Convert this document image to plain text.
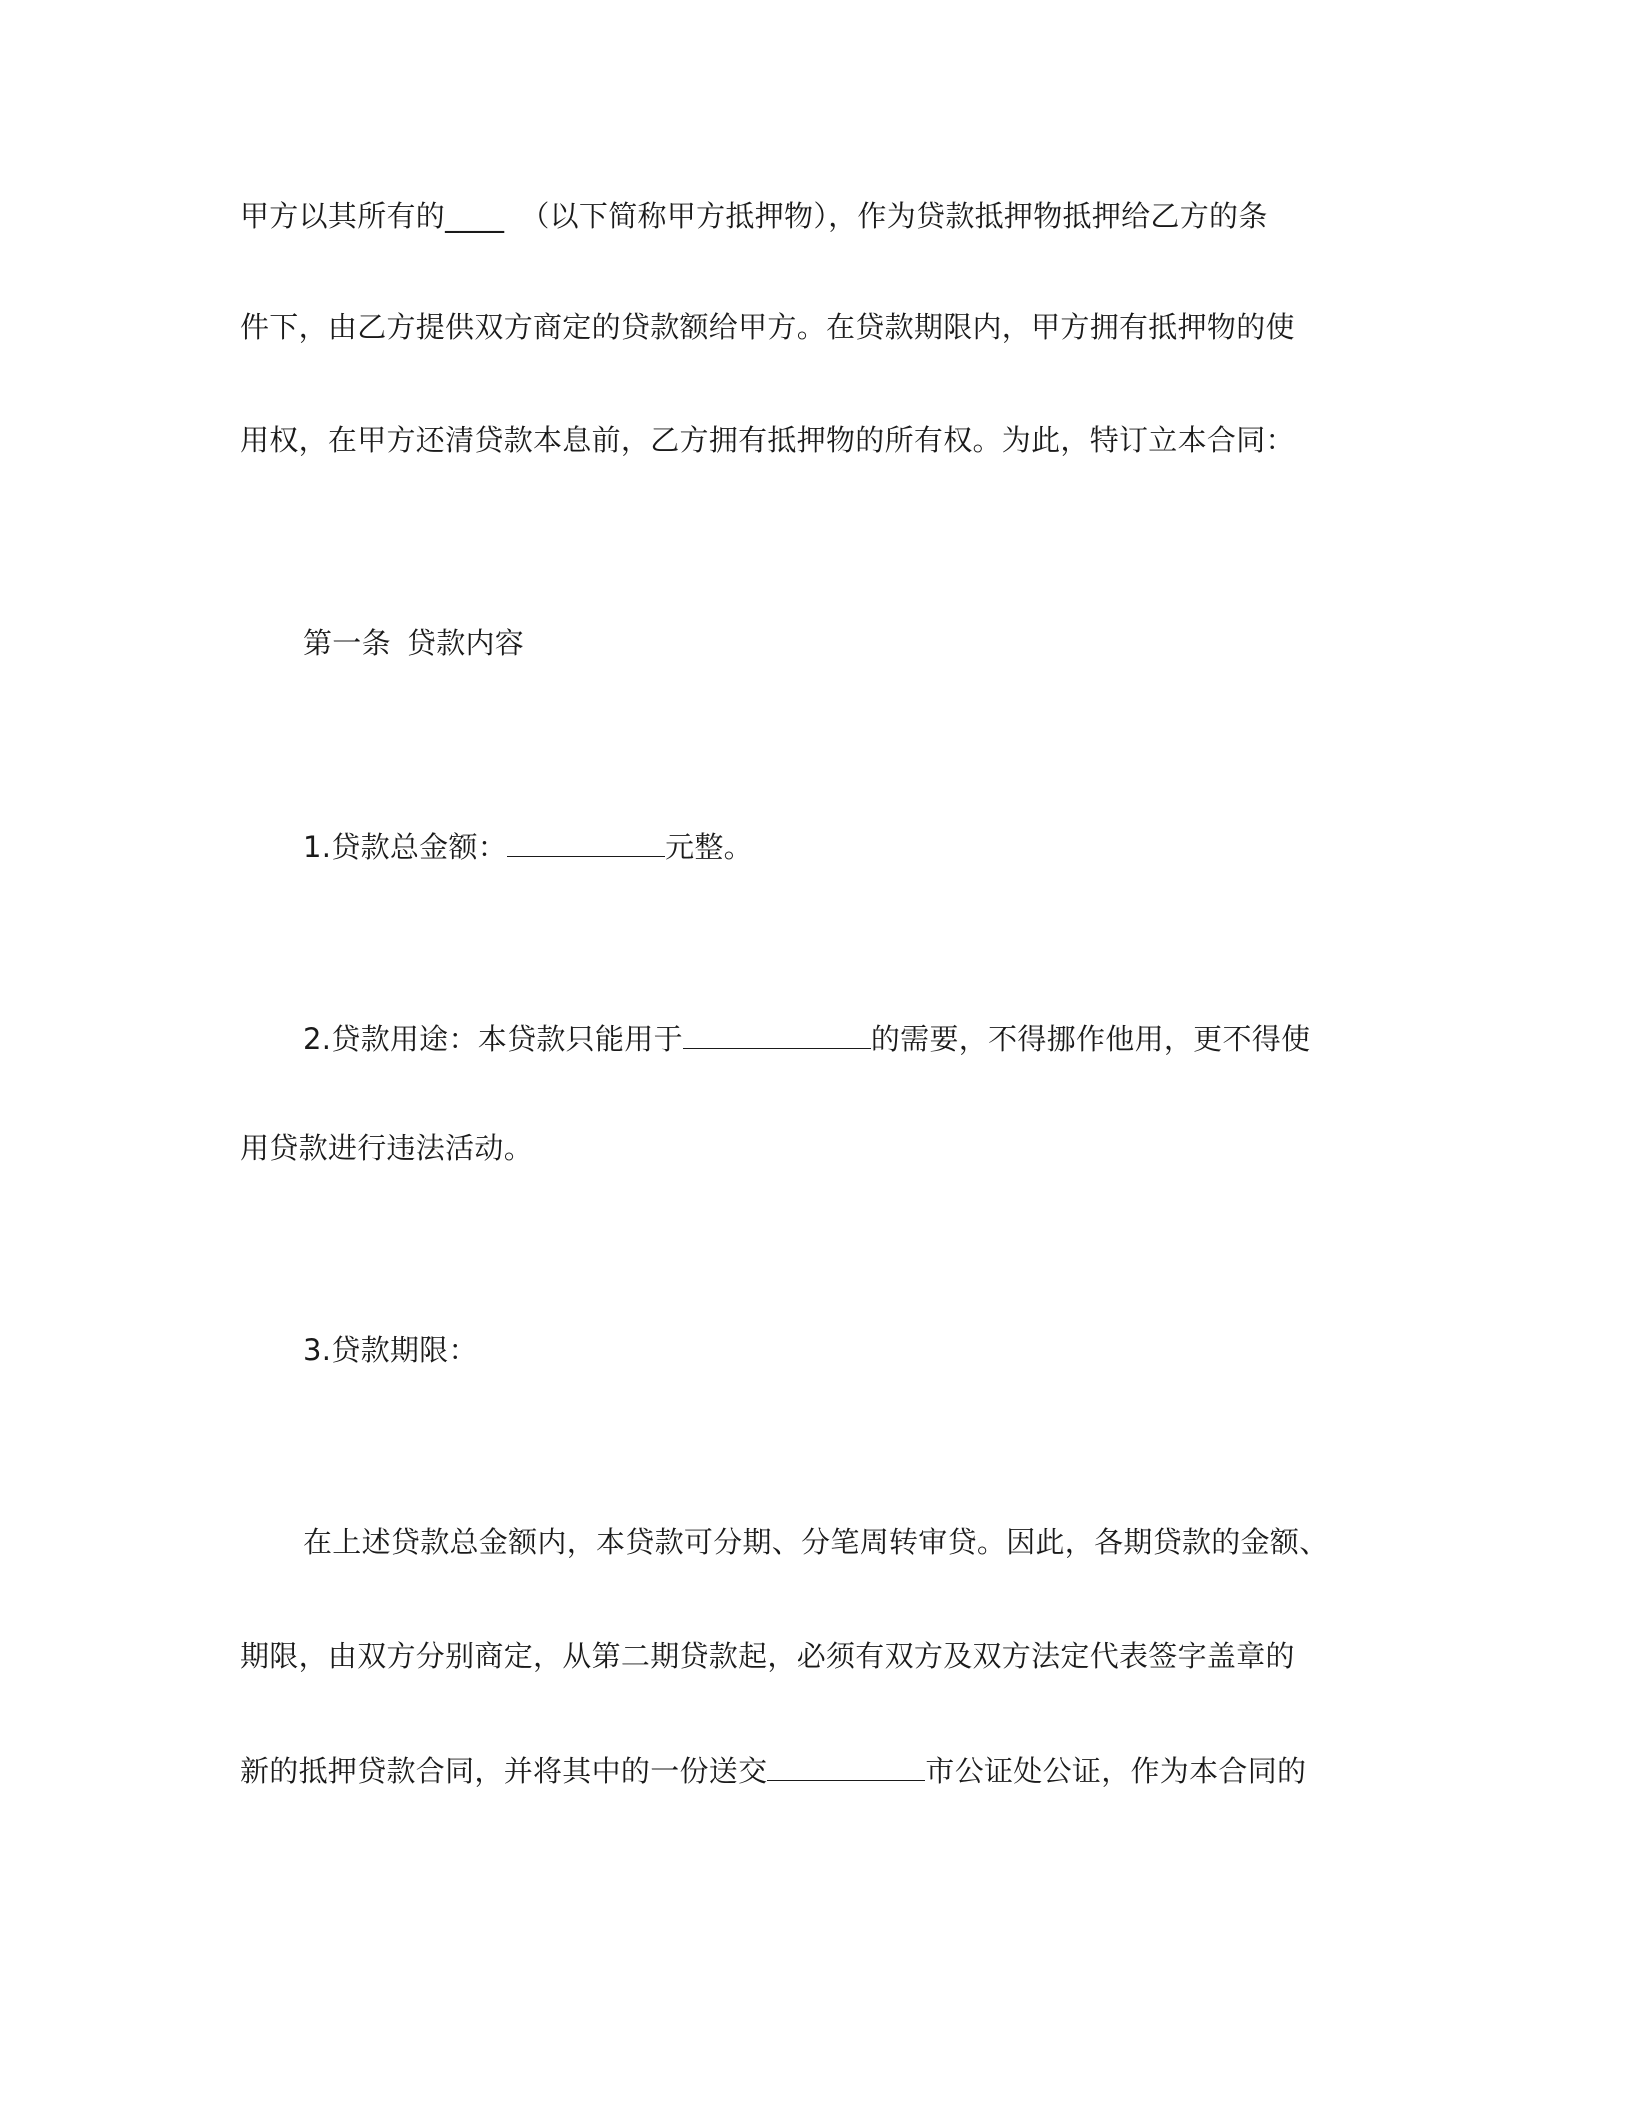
甲方以其所有的____ （以下简称甲方抵押物），作为贷款抵押物抵押给乙方的条
件下，由乙方提供双方商定的贷款额给甲方。在贷款期限内，甲方拥有抵押物的使
用权，在甲方还清贷款本息前，乙方拥有抵押物的所有权。为此，特订立本合同：
第一条 贷款内容
1.贷款总金额：	元整。
2.贷款用途：本贷款只能用于	的需要，不得挪作他用，更不得使
用贷款进行违法活动。
3.贷款期限：
在上述贷款总金额内，本贷款可分期、分笔周转审贷。因此，各期贷款的金额、
期限，由双方分别商定，从第二期贷款起，必须有双方及双方法定代表签字盖章的
新的抵押贷款合同，并将其中的一份送交	市公证处公证，作为本合同的
